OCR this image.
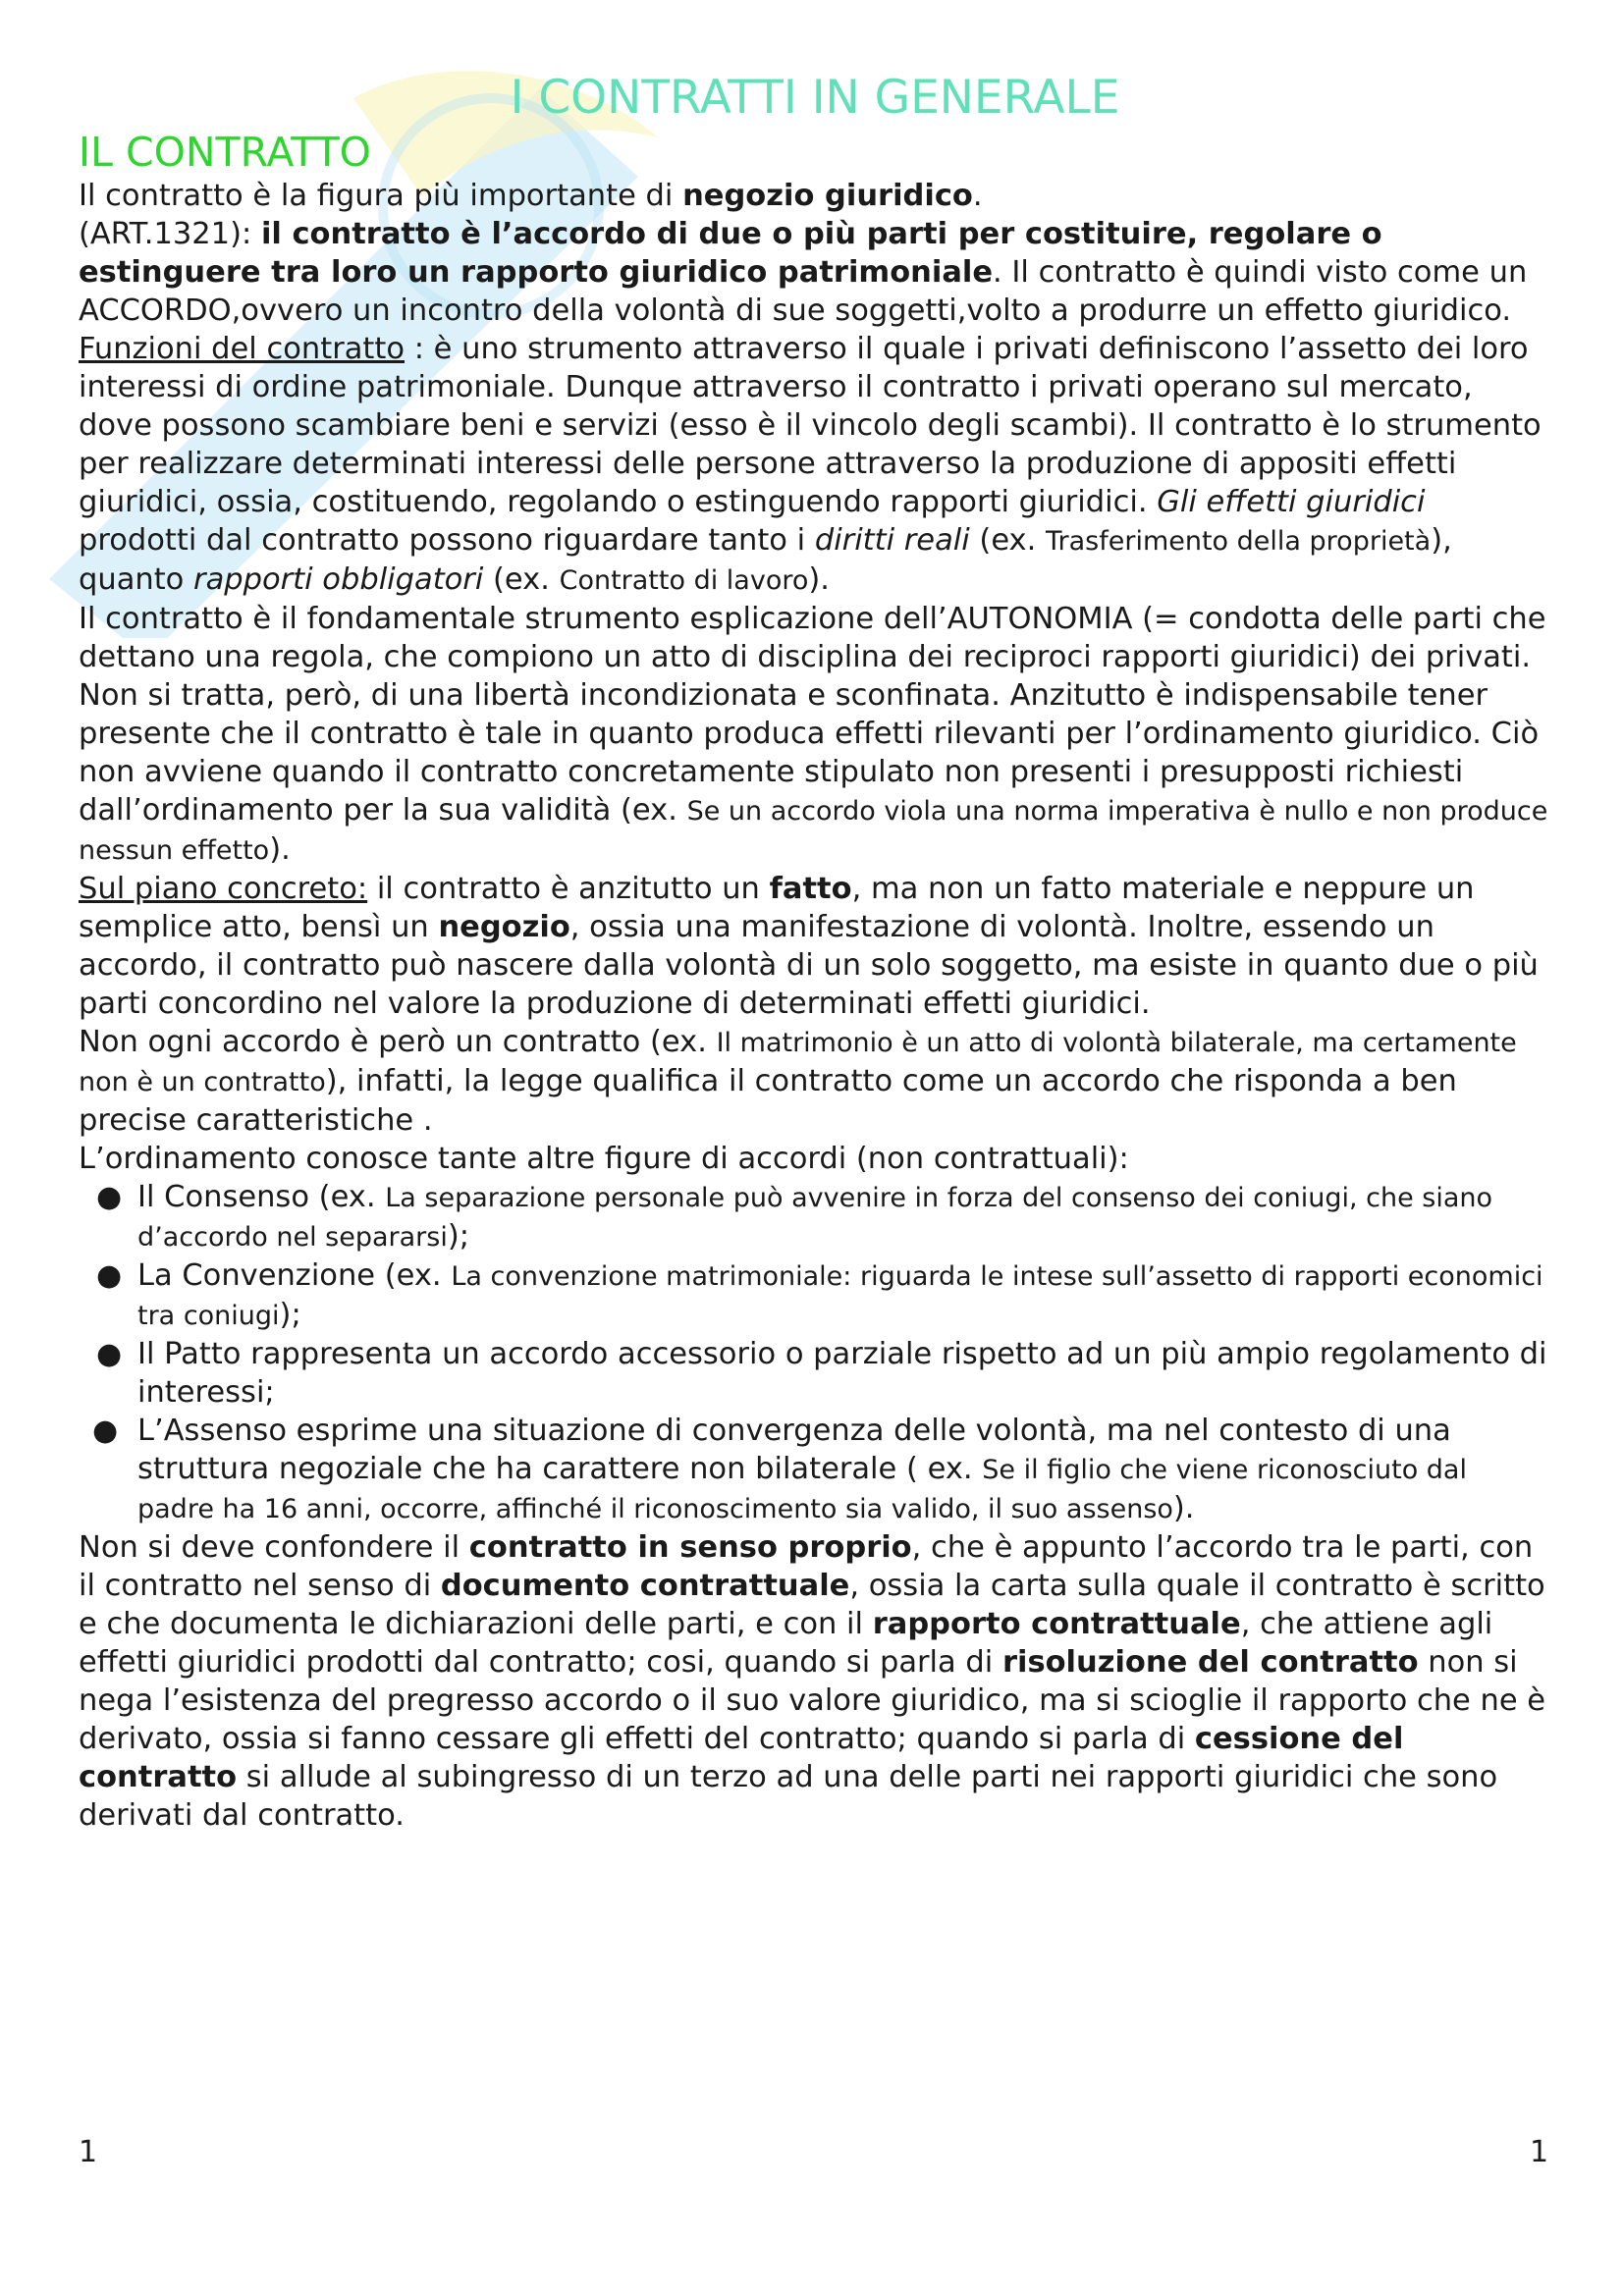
I CONTRATTI IN GENERALE
IL CONTRATTO

Il contratto è la figura più importante di negozio giuridico.

(ART.1321): il contratto è l’accordo di due o più parti per costituire, regolare o estinguere tra loro un rapporto giuridico patrimoniale. Il contratto è quindi visto come un ACCORDO,ovvero un incontro della volontà di sue soggetti,volto a produrre un effetto giuridico.

Funzioni del contratto : è uno strumento attraverso il quale i privati definiscono l’assetto dei loro interessi di ordine patrimoniale. Dunque attraverso il contratto i privati operano sul mercato, dove possono scambiare beni e servizi (esso è il vincolo degli scambi). Il contratto è lo strumento per realizzare determinati interessi delle persone attraverso la produzione di appositi effetti giuridici, ossia, costituendo, regolando o estinguendo rapporti giuridici. Gli effetti giuridici prodotti dal contratto possono riguardare tanto i diritti reali (ex. Trasferimento della proprietà), quanto rapporti obbligatori (ex. Contratto di lavoro).

Il contratto è il fondamentale strumento esplicazione dell’AUTONOMIA (= condotta delle parti che dettano una regola, che compiono un atto di disciplina dei reciproci rapporti giuridici) dei privati.

Non si tratta, però, di una libertà incondizionata e sconfinata. Anzitutto è indispensabile tener presente che il contratto è tale in quanto produca effetti rilevanti per l’ordinamento giuridico. Ciò non avviene quando il contratto concretamente stipulato non presenti i presupposti richiesti dall’ordinamento per la sua validità (ex. Se un accordo viola una norma imperativa è nullo e non produce nessun effetto).

Sul piano concreto: il contratto è anzitutto un fatto, ma non un fatto materiale e neppure un semplice atto, bensì un negozio, ossia una manifestazione di volontà. Inoltre, essendo un accordo, il contratto può nascere dalla volontà di un solo soggetto, ma esiste in quanto due o più parti concordino nel valore la produzione di determinati effetti giuridici.

Non ogni accordo è però un contratto (ex. Il matrimonio è un atto di volontà bilaterale, ma certamente non è un contratto), infatti, la legge qualifica il contratto come un accordo che risponda a ben precise caratteristiche .

L’ordinamento conosce tante altre figure di accordi (non contrattuali):

● Il Consenso (ex. La separazione personale può avvenire in forza del consenso dei coniugi, che siano d’accordo nel separarsi);
● La Convenzione (ex. La convenzione matrimoniale: riguarda le intese sull’assetto di rapporti economici tra coniugi);
● Il Patto rappresenta un accordo accessorio o parziale rispetto ad un più ampio regolamento di interessi;
● L’Assenso esprime una situazione di convergenza delle volontà, ma nel contesto di una struttura negoziale che ha carattere non bilaterale ( ex. Se il figlio che viene riconosciuto dal padre ha 16 anni, occorre, affinché il riconoscimento sia valido, il suo assenso).

Non si deve confondere il contratto in senso proprio, che è appunto l’accordo tra le parti, con il contratto nel senso di documento contrattuale, ossia la carta sulla quale il contratto è scritto e che documenta le dichiarazioni delle parti, e con il rapporto contrattuale, che attiene agli effetti giuridici prodotti dal contratto; cosi, quando si parla di risoluzione del contratto non si nega l’esistenza del pregresso accordo o il suo valore giuridico, ma si scioglie il rapporto che ne è derivato, ossia si fanno cessare gli effetti del contratto; quando si parla di cessione del contratto si allude al subingresso di un terzo ad una delle parti nei rapporti giuridici che sono derivati dal contratto.

1	1
